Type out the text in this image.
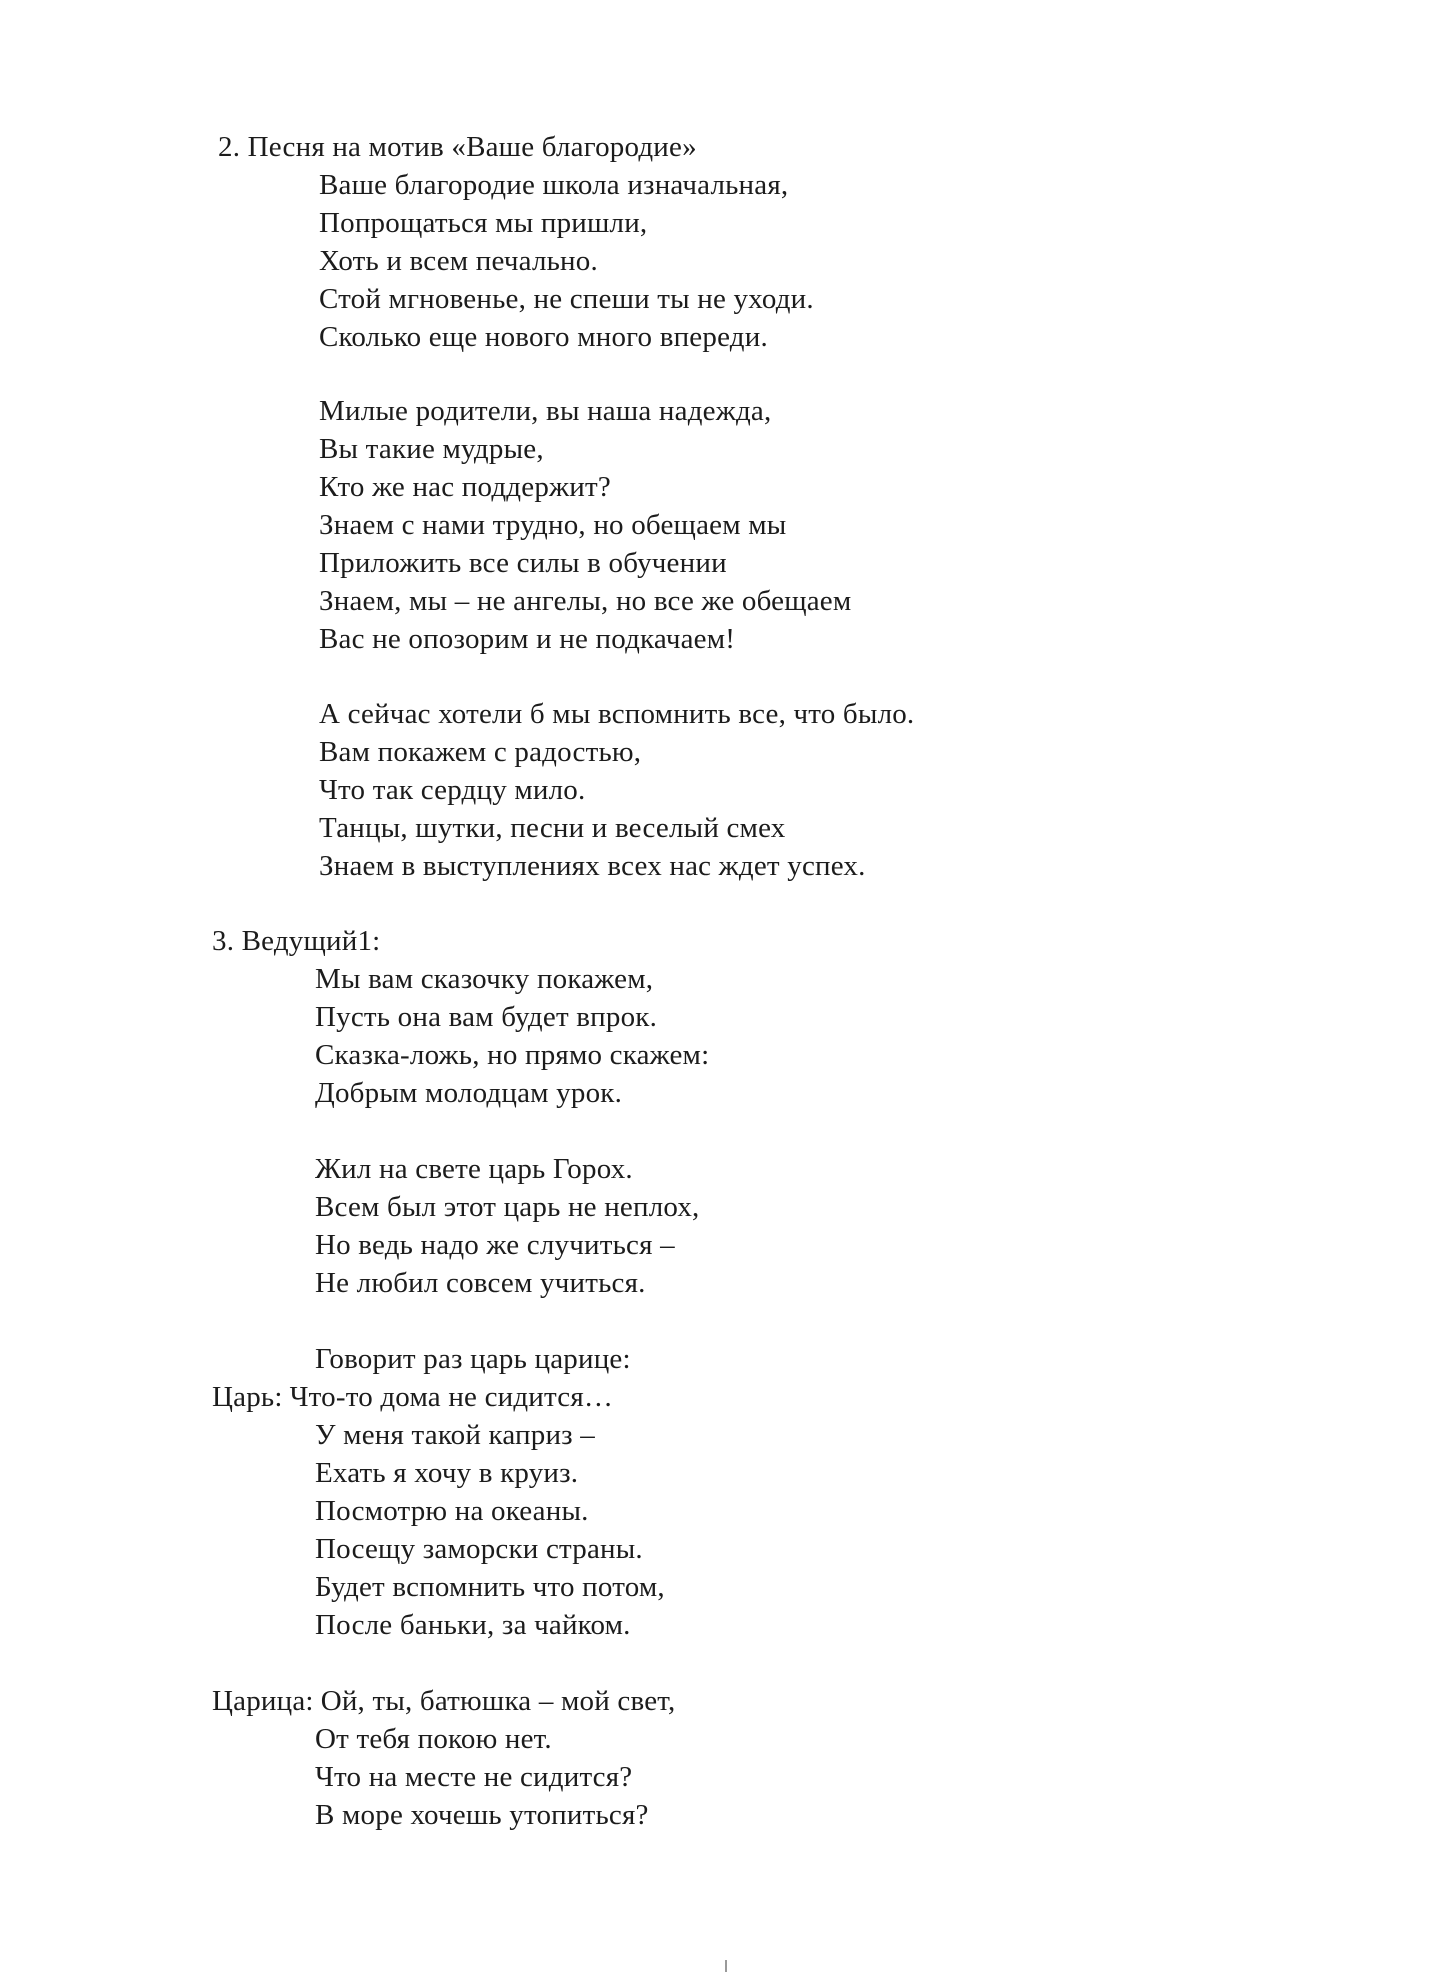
2. Песня на мотив «Ваше благородие»
Ваше благородие школа изначальная,
Попрощаться мы пришли,
Хоть и всем печально.
Стой мгновенье, не спеши ты не уходи.
Сколько еще нового много впереди.
Милые родители, вы наша надежда,
Вы такие мудрые,
Кто же нас поддержит?
Знаем с нами трудно, но обещаем мы
Приложить все силы в обучении
Знаем, мы – не ангелы, но все же обещаем
Вас не опозорим и не подкачаем!
А сейчас хотели б мы вспомнить все, что было.
Вам покажем с радостью,
Что так сердцу мило.
Танцы, шутки, песни и веселый смех
Знаем в выступлениях всех нас ждет успех.
3. Ведущий1:
Мы вам сказочку покажем,
Пусть она вам будет впрок.
Сказка-ложь, но прямо скажем:
Добрым молодцам урок.
Жил на свете царь Горох.
Всем был этот царь не неплох,
Но ведь надо же случиться –
Не любил совсем учиться.
Говорит раз царь царице:
Царь: Что-то дома не сидится…
У меня такой каприз –
Ехать я хочу в круиз.
Посмотрю на океаны.
Посещу заморски страны.
Будет вспомнить что потом,
После баньки, за чайком.
Царица: Ой, ты, батюшка – мой свет,
От тебя покою нет.
Что на месте не сидится?
В море хочешь утопиться?
